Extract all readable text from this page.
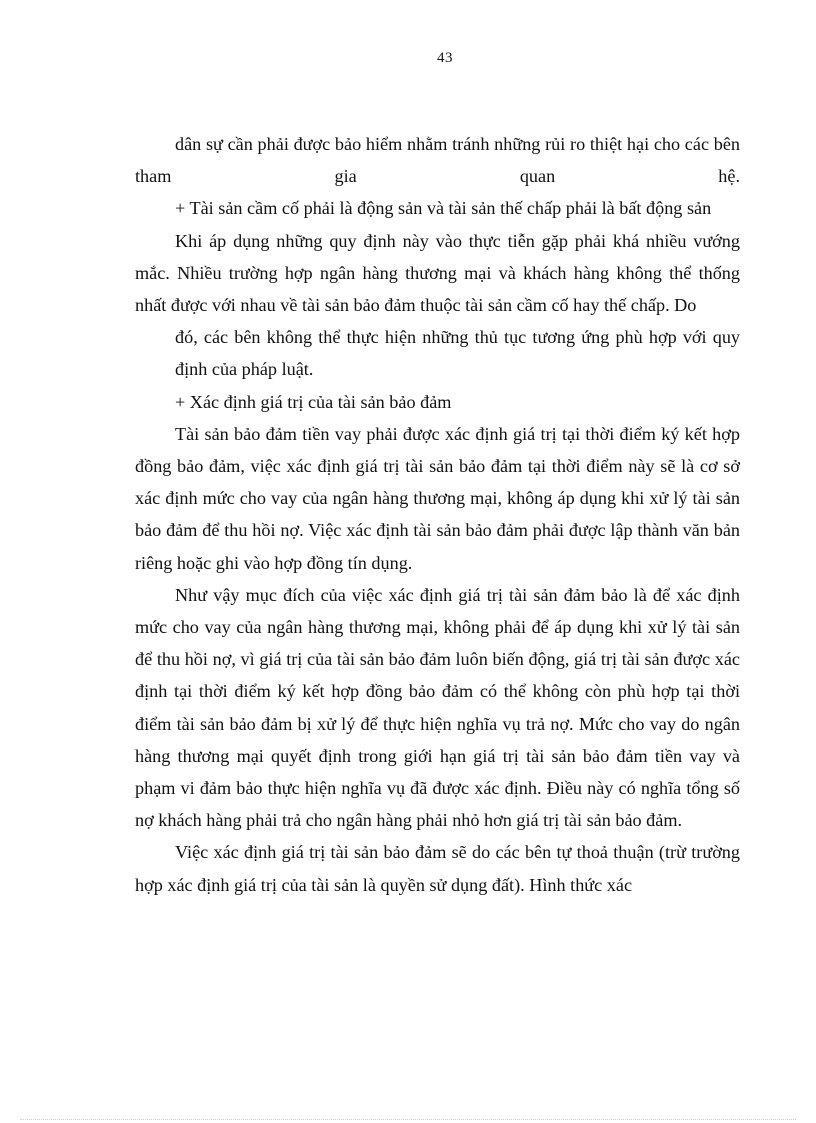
43

dân sự cần phải được bảo hiểm nhằm tránh những rủi ro thiệt hại cho các bên tham gia quan hệ.

+ Tài sản cầm cố phải là động sản và tài sản thế chấp phải là bất động sản

Khi áp dụng những quy định này vào thực tiễn gặp phải khá nhiều vướng mắc. Nhiều trường hợp ngân hàng thương mại và khách hàng không thể thống nhất được với nhau về tài sản bảo đảm thuộc tài sản cầm cố hay thế chấp. Do

đó, các bên không thể thực hiện những thủ tục tương ứng phù hợp với quy định của pháp luật.

+ Xác định giá trị của tài sản bảo đảm

Tài sản bảo đảm tiền vay phải được xác định giá trị tại thời điểm ký kết hợp đồng bảo đảm, việc xác định giá trị tài sản bảo đảm tại thời điểm này sẽ là cơ sở xác định mức cho vay của ngân hàng thương mại, không áp dụng khi xử lý tài sản bảo đảm để thu hồi nợ. Việc xác định tài sản bảo đảm phải được lập thành văn bản riêng hoặc ghi vào hợp đồng tín dụng.

Như vậy mục đích của việc xác định giá trị tài sản đảm bảo là để xác định mức cho vay của ngân hàng thương mại, không phải để áp dụng khi xử lý tài sản để thu hồi nợ, vì giá trị của tài sản bảo đảm luôn biến động, giá trị tài sản được xác định tại thời điểm ký kết hợp đồng bảo đảm có thể không còn phù hợp tại thời điểm tài sản bảo đảm bị xử lý để thực hiện nghĩa vụ trả nợ. Mức cho vay do ngân hàng thương mại quyết định trong giới hạn giá trị tài sản bảo đảm tiền vay và phạm vi đảm bảo thực hiện nghĩa vụ đã được xác định. Điều này có nghĩa tổng số nợ khách hàng phải trả cho ngân hàng phải nhỏ hơn giá trị tài sản bảo đảm.

Việc xác định giá trị tài sản bảo đảm sẽ do các bên tự thoả thuận (trừ trường hợp xác định giá trị của tài sản là quyền sử dụng đất). Hình thức xác
